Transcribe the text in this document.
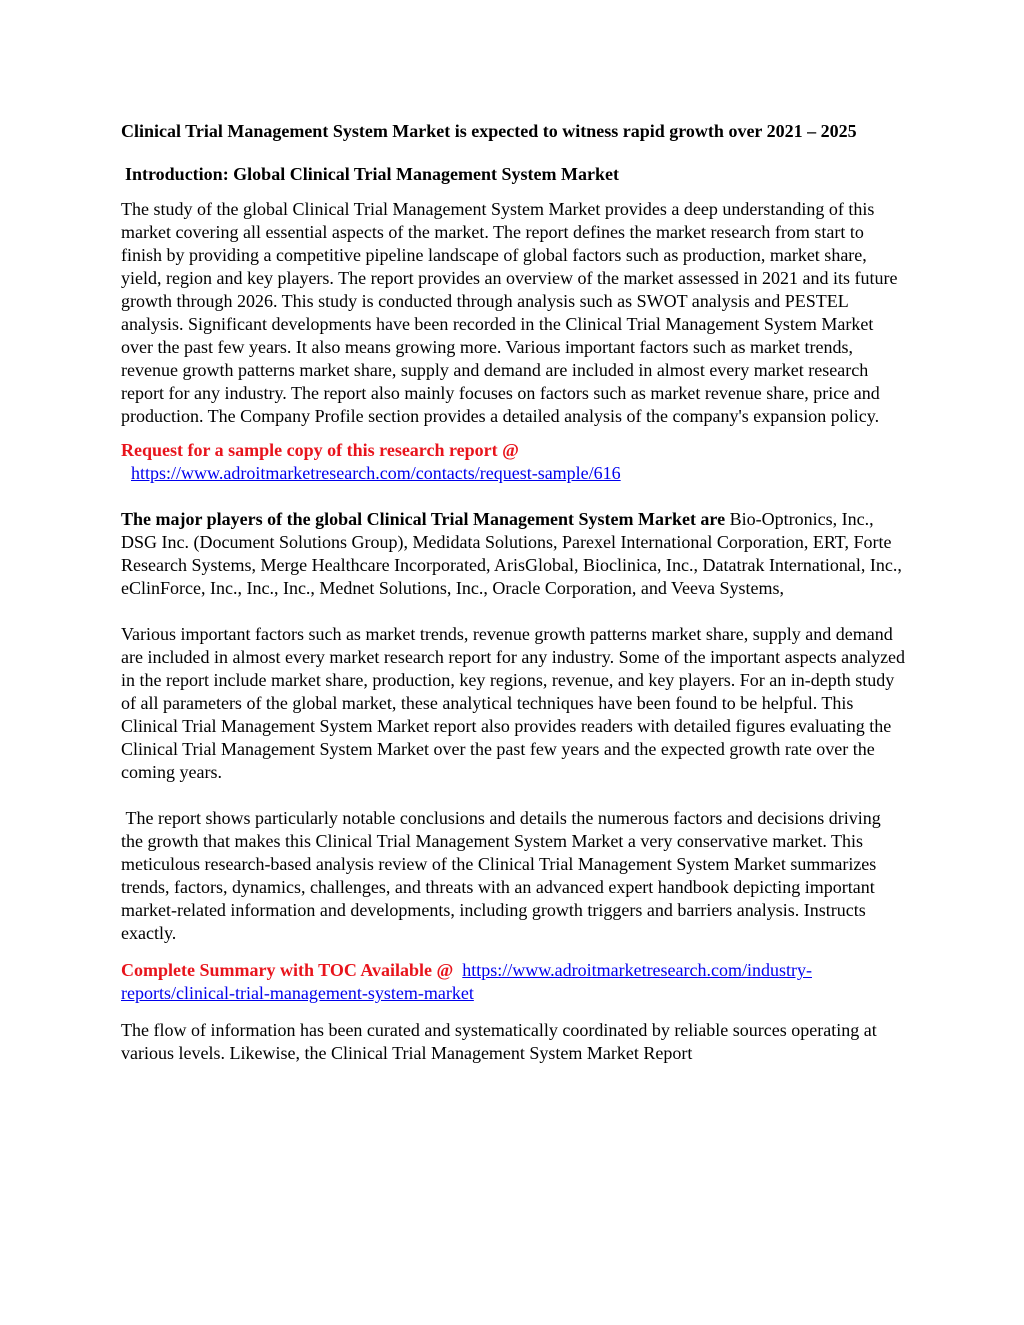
Clinical Trial Management System Market is expected to witness rapid growth over 2021 – 2025

Introduction: Global Clinical Trial Management System Market

The study of the global Clinical Trial Management System Market provides a deep understanding of this market covering all essential aspects of the market. The report defines the market research from start to finish by providing a competitive pipeline landscape of global factors such as production, market share, yield, region and key players. The report provides an overview of the market assessed in 2021 and its future growth through 2026. This study is conducted through analysis such as SWOT analysis and PESTEL analysis. Significant developments have been recorded in the Clinical Trial Management System Market over the past few years. It also means growing more. Various important factors such as market trends, revenue growth patterns market share, supply and demand are included in almost every market research report for any industry. The report also mainly focuses on factors such as market revenue share, price and production. The Company Profile section provides a detailed analysis of the company's expansion policy.

Request for a sample copy of this research report @

https://www.adroitmarketresearch.com/contacts/request-sample/616

The major players of the global Clinical Trial Management System Market are Bio-Optronics, Inc., DSG Inc. (Document Solutions Group), Medidata Solutions, Parexel International Corporation, ERT, Forte Research Systems, Merge Healthcare Incorporated, ArisGlobal, Bioclinica, Inc., Datatrak International, Inc., eClinForce, Inc., Inc., Inc., Mednet Solutions, Inc., Oracle Corporation, and Veeva Systems,

Various important factors such as market trends, revenue growth patterns market share, supply and demand are included in almost every market research report for any industry. Some of the important aspects analyzed in the report include market share, production, key regions, revenue, and key players. For an in-depth study of all parameters of the global market, these analytical techniques have been found to be helpful. This Clinical Trial Management System Market report also provides readers with detailed figures evaluating the Clinical Trial Management System Market over the past few years and the expected growth rate over the coming years.

The report shows particularly notable conclusions and details the numerous factors and decisions driving the growth that makes this Clinical Trial Management System Market a very conservative market. This meticulous research-based analysis review of the Clinical Trial Management System Market summarizes trends, factors, dynamics, challenges, and threats with an advanced expert handbook depicting important market-related information and developments, including growth triggers and barriers analysis. Instructs exactly.

Complete Summary with TOC Available @ https://www.adroitmarketresearch.com/industry-reports/clinical-trial-management-system-market

The flow of information has been curated and systematically coordinated by reliable sources operating at various levels. Likewise, the Clinical Trial Management System Market Report
